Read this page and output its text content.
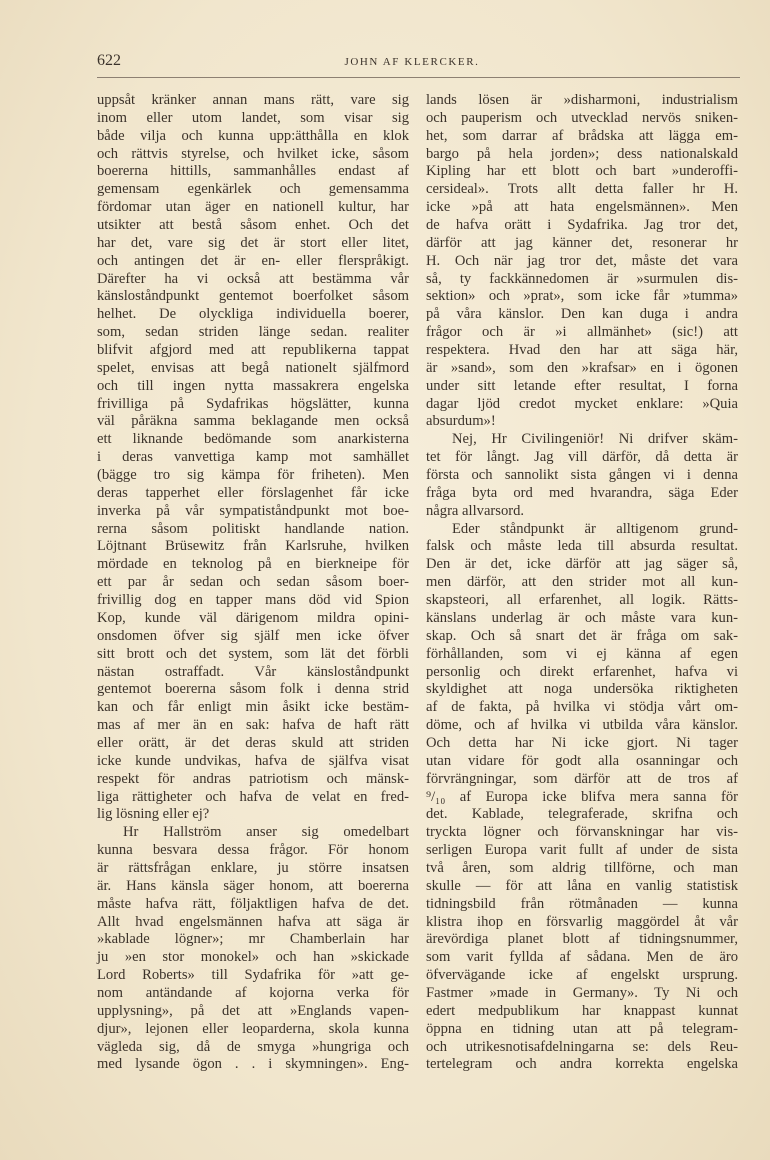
622	JOHN AF KLERCKER.
uppsåt kränker annan mans rätt, vare sig
inom eller utom landet, som visar sig
både vilja och kunna upp:ätthålla en klok
och rättvis styrelse, och hvilket icke, såsom
boererna hittills, sammanhålles endast af
gemensam egenkärlek och gemensamma
fördomar utan äger en nationell kultur, har
utsikter att bestå såsom enhet. Och det
har det, vare sig det är stort eller litet,
och antingen det är en- eller flerspråkigt.
Därefter ha vi också att bestämma vår
känsloståndpunkt gentemot boerfolket såsom
helhet. De olyckliga individuella boerer,
som, sedan striden länge sedan. realiter
blifvit afgjord med att republikerna tappat
spelet, envisas att begå nationelt själfmord
och till ingen nytta massakrera engelska
frivilliga på Sydafrikas högslätter, kunna
väl påräkna samma beklagande men också
ett liknande bedömande som anarkisterna
i deras vanvettiga kamp mot samhället
(bägge tro sig kämpa för friheten). Men
deras tapperhet eller förslagenhet får icke
inverka på vår sympatiståndpunkt mot boe-
rerna såsom politiskt handlande nation.
Löjtnant Brüsewitz från Karlsruhe, hvilken
mördade en teknolog på en bierkneipe för
ett par år sedan och sedan såsom boer-
frivillig dog en tapper mans död vid Spion
Kop, kunde väl därigenom mildra opini-
onsdomen öfver sig själf men icke öfver
sitt brott och det system, som lät det förbli
nästan ostraffadt. Vår känsloståndpunkt
gentemot boererna såsom folk i denna strid
kan och får enligt min åsikt icke bestäm-
mas af mer än en sak: hafva de haft rätt
eller orätt, är det deras skuld att striden
icke kunde undvikas, hafva de själfva visat
respekt för andras patriotism och mänsk-
liga rättigheter och hafva de velat en fred-
lig lösning eller ej?
Hr Hallström anser sig omedelbart
kunna besvara dessa frågor. För honom
är rättsfrågan enklare, ju större insatsen
är. Hans känsla säger honom, att boererna
måste hafva rätt, följaktligen hafva de det.
Allt hvad engelsmännen hafva att säga är
»kablade lögner»; mr Chamberlain har
ju »en stor monokel» och han »skickade
Lord Roberts» till Sydafrika för »att ge-
nom antändande af kojorna verka för
upplysning», på det att »Englands vapen-
djur», lejonen eller leoparderna, skola kunna
vägleda sig, då de smyga »hungriga och
med lysande ögon . . i skymningen». Eng-
lands lösen är »disharmoni, industrialism
och pauperism och utvecklad nervös sniken-
het, som darrar af brådska att lägga em-
bargo på hela jorden»; dess nationalskald
Kipling har ett blott och bart »underoffi-
cersideal». Trots allt detta faller hr H.
icke »på att hata engelsmännen». Men
de hafva orätt i Sydafrika. Jag tror det,
därför att jag känner det, resonerar hr
H. Och när jag tror det, måste det vara
så, ty fackkännedomen är »surmulen dis-
sektion» och »prat», som icke får »tumma»
på våra känslor. Den kan duga i andra
frågor och är »i allmänhet» (sic!) att
respektera. Hvad den har att säga här,
är »sand», som den »krafsar» en i ögonen
under sitt letande efter resultat, I forna
dagar ljöd credot mycket enklare: »Quia
absurdum»!
Nej, Hr Civilingeniör! Ni drifver skäm-
tet för långt. Jag vill därför, då detta är
första och sannolikt sista gången vi i denna
fråga byta ord med hvarandra, säga Eder
några allvarsord.
Eder ståndpunkt är alltigenom grund-
falsk och måste leda till absurda resultat.
Den är det, icke därför att jag säger så,
men därför, att den strider mot all kun-
skapsteori, all erfarenhet, all logik. Rätts-
känslans underlag är och måste vara kun-
skap. Och så snart det är fråga om sak-
förhållanden, som vi ej känna af egen
personlig och direkt erfarenhet, hafva vi
skyldighet att noga undersöka riktigheten
af de fakta, på hvilka vi stödja vårt om-
döme, och af hvilka vi utbilda våra känslor.
Och detta har Ni icke gjort. Ni tager
utan vidare för godt alla osanningar och
förvrängningar, som därför att de tros af
⁹/₁₀ af Europa icke blifva mera sanna för
det. Kablade, telegraferade, skrifna och
tryckta lögner och förvanskningar har vis-
serligen Europa varit fullt af under de sista
två åren, som aldrig tillförne, och man
skulle — för att låna en vanlig statistisk
tidningsbild från rötmånaden — kunna
klistra ihop en försvarlig maggördel åt vår
ärevördiga planet blott af tidningsnummer,
som varit fyllda af sådana. Men de äro
öfvervägande icke af engelskt ursprung.
Fastmer »made in Germany». Ty Ni och
edert medpublikum har knappast kunnat
öppna en tidning utan att på telegram-
och utrikesnotisafdelningarna se: dels Reu-
tertelegram och andra korrekta engelska
